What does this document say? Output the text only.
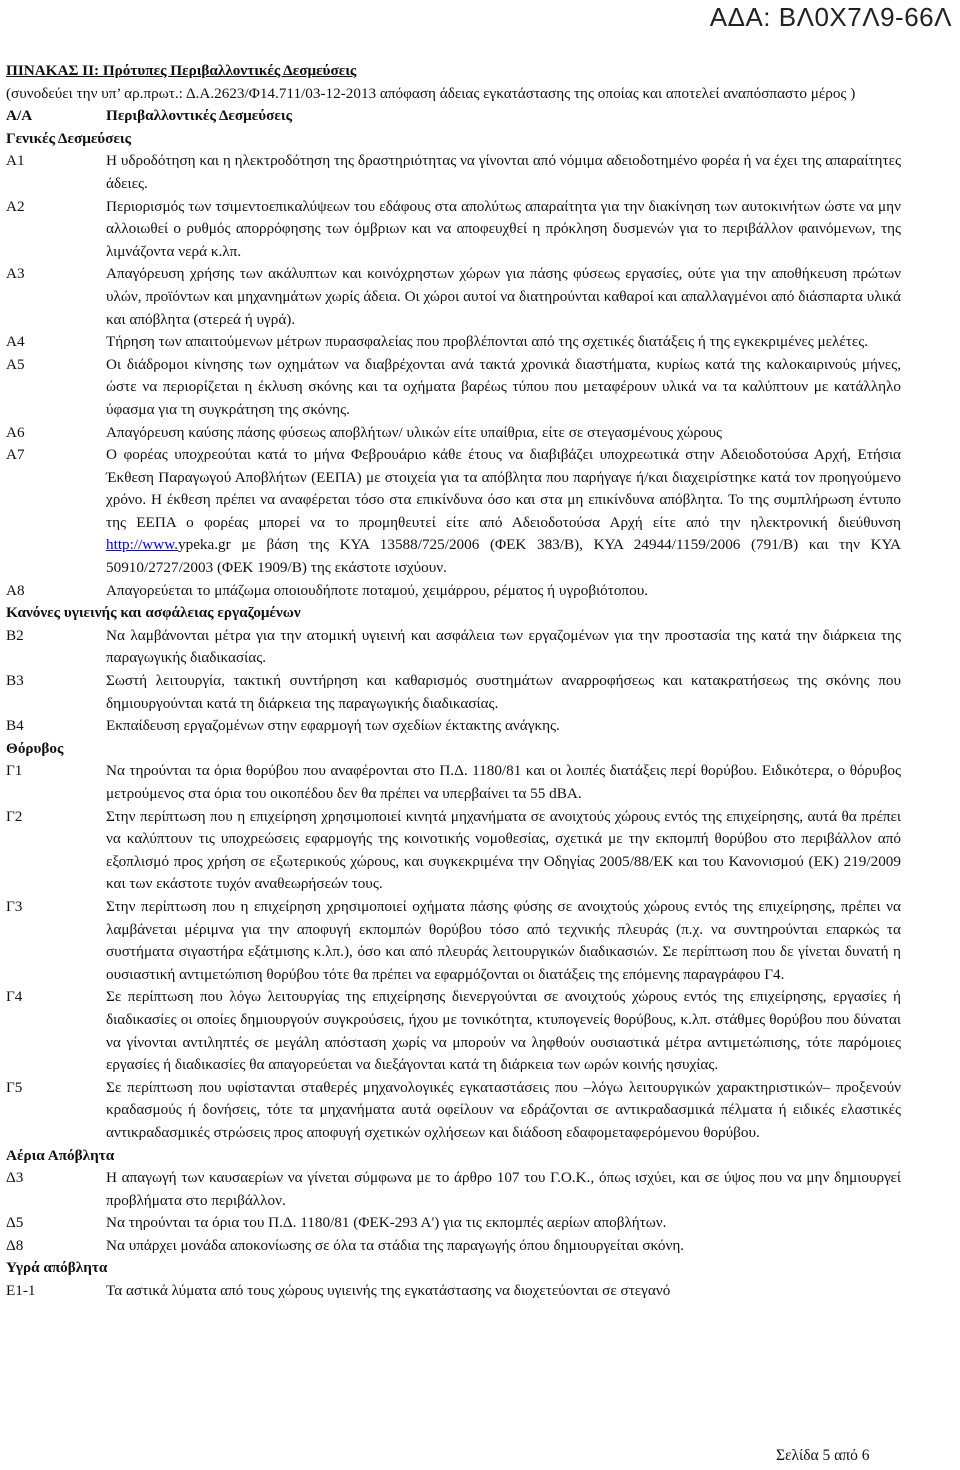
ΑΔΑ: ΒΛ0Χ7Λ9-66Λ
ΠΙΝΑΚΑΣ ΙΙ: Πρότυπες Περιβαλλοντικές Δεσμεύσεις
(συνοδεύει την υπ’ αρ.πρωτ.: Δ.Α.2623/Φ14.711/03-12-2013 απόφαση άδειας εγκατάστασης της οποίας και αποτελεί αναπόσπαστο μέρος )
Α/Α	Περιβαλλοντικές Δεσμεύσεις
Γενικές Δεσμεύσεις
Α1	Η υδροδότηση και η ηλεκτροδότηση της δραστηριότητας να γίνονται από νόμιμα αδειοδοτημένο φορέα ή να έχει της απαραίτητες άδειες.
Α2	Περιορισμός των τσιμεντοεπικαλύψεων του εδάφους στα απολύτως απαραίτητα για την διακίνηση των αυτοκινήτων ώστε να μην αλλοιωθεί ο ρυθμός απορρόφησης των όμβριων και να αποφευχθεί η πρόκληση δυσμενών για το περιβάλλον φαινόμενων, της λιμνάζοντα νερά κ.λπ.
Α3	Απαγόρευση χρήσης των ακάλυπτων και κοινόχρηστων χώρων για πάσης φύσεως εργασίες, ούτε για την αποθήκευση πρώτων υλών, προϊόντων και μηχανημάτων χωρίς άδεια. Οι χώροι αυτοί να διατηρούνται καθαροί και απαλλαγμένοι από διάσπαρτα υλικά και απόβλητα (στερεά ή υγρά).
Α4	Τήρηση των απαιτούμενων μέτρων πυρασφαλείας που προβλέπονται από της σχετικές διατάξεις ή της εγκεκριμένες μελέτες.
Α5	Οι διάδρομοι κίνησης των οχημάτων να διαβρέχονται ανά τακτά χρονικά διαστήματα, κυρίως κατά της καλοκαιρινούς μήνες, ώστε να περιορίζεται η έκλυση σκόνης και τα οχήματα βαρέως τύπου που μεταφέρουν υλικά να τα καλύπτουν με κατάλληλο ύφασμα για τη συγκράτηση της σκόνης.
Α6	Απαγόρευση καύσης πάσης φύσεως αποβλήτων/ υλικών είτε υπαίθρια, είτε σε στεγασμένους χώρους
Α7	Ο φορέας υποχρεούται κατά το μήνα Φεβρουάριο κάθε έτους να διαβιβάζει υποχρεωτικά στην Αδειοδοτούσα Αρχή, Ετήσια Έκθεση Παραγωγού Αποβλήτων (ΕΕΠΑ) με στοιχεία για τα απόβλητα που παρήγαγε ή/και διαχειρίστηκε κατά τον προηγούμενο χρόνο. Η έκθεση πρέπει να αναφέρεται τόσο στα επικίνδυνα όσο και στα μη επικίνδυνα απόβλητα. Το της συμπλήρωση έντυπο της ΕΕΠΑ ο φορέας μπορεί να το προμηθευτεί είτε από Αδειοδοτούσα Αρχή είτε από την ηλεκτρονική διεύθυνση http://www.ypeka.gr με βάση της ΚΥΑ 13588/725/2006 (ΦΕΚ 383/Β), ΚΥΑ 24944/1159/2006 (791/Β) και την ΚΥΑ 50910/2727/2003 (ΦΕΚ 1909/Β) της εκάστοτε ισχύουν.
Α8	Απαγορεύεται το μπάζωμα οποιουδήποτε ποταμού, χειμάρρου, ρέματος ή υγροβιότοπου.
Κανόνες υγιεινής και ασφάλειας εργαζομένων
Β2	Να λαμβάνονται μέτρα για την ατομική υγιεινή και ασφάλεια των εργαζομένων για την προστασία της κατά την διάρκεια της παραγωγικής διαδικασίας.
Β3	Σωστή λειτουργία, τακτική συντήρηση και καθαρισμός συστημάτων αναρροφήσεως και κατακρατήσεως της σκόνης που δημιουργούνται κατά τη διάρκεια της παραγωγικής διαδικασίας.
Β4	Εκπαίδευση εργαζομένων στην εφαρμογή των σχεδίων έκτακτης ανάγκης.
Θόρυβος
Γ1	Να τηρούνται τα όρια θορύβου που αναφέρονται στο Π.Δ. 1180/81 και οι λοιπές διατάξεις περί θορύβου. Ειδικότερα, ο θόρυβος μετρούμενος στα όρια του οικοπέδου δεν θα πρέπει να υπερβαίνει τα 55 dBA.
Γ2	Στην περίπτωση που η επιχείρηση χρησιμοποιεί κινητά μηχανήματα σε ανοιχτούς χώρους εντός της επιχείρησης, αυτά θα πρέπει να καλύπτουν τις υποχρεώσεις εφαρμογής της κοινοτικής νομοθεσίας, σχετικά με την εκπομπή θορύβου στο περιβάλλον από εξοπλισμό προς χρήση σε εξωτερικούς χώρους, και συγκεκριμένα την Οδηγίας 2005/88/ΕΚ και του Κανονισμού (ΕΚ) 219/2009 και των εκάστοτε τυχόν αναθεωρήσεών τους.
Γ3	Στην περίπτωση που η επιχείρηση χρησιμοποιεί οχήματα πάσης φύσης σε ανοιχτούς χώρους εντός της επιχείρησης, πρέπει να λαμβάνεται μέριμνα για την αποφυγή εκπομπών θορύβου τόσο από τεχνικής πλευράς (π.χ. να συντηρούνται επαρκώς τα συστήματα σιγαστήρα εξάτμισης κ.λπ.), όσο και από πλευράς λειτουργικών διαδικασιών. Σε περίπτωση που δε γίνεται δυνατή η ουσιαστική αντιμετώπιση θορύβου τότε θα πρέπει να εφαρμόζονται οι διατάξεις της επόμενης παραγράφου Γ4.
Γ4	Σε περίπτωση που λόγω λειτουργίας της επιχείρησης διενεργούνται σε ανοιχτούς χώρους εντός της επιχείρησης, εργασίες ή διαδικασίες οι οποίες δημιουργούν συγκρούσεις, ήχου με τονικότητα, κτυπογενείς θορύβους, κ.λπ. στάθμες θορύβου που δύναται να γίνονται αντιληπτές σε μεγάλη απόσταση χωρίς να μπορούν να ληφθούν ουσιαστικά μέτρα αντιμετώπισης, τότε παρόμοιες εργασίες ή διαδικασίες θα απαγορεύεται να διεξάγονται κατά τη διάρκεια των ωρών κοινής ησυχίας.
Γ5	Σε περίπτωση που υφίστανται σταθερές μηχανολογικές εγκαταστάσεις που –λόγω λειτουργικών χαρακτηριστικών– προξενούν κραδασμούς ή δονήσεις, τότε τα μηχανήματα αυτά οφείλουν να εδράζονται σε αντικραδασμικά πέλματα ή ειδικές ελαστικές αντικραδασμικές στρώσεις προς αποφυγή σχετικών οχλήσεων και διάδοση εδαφομεταφερόμενου θορύβου.
Αέρια Απόβλητα
Δ3	Η απαγωγή των καυσαερίων να γίνεται σύμφωνα με το άρθρο 107 του Γ.Ο.Κ., όπως ισχύει, και σε ύψος που να μην δημιουργεί προβλήματα στο περιβάλλον.
Δ5	Να τηρούνται τα όρια του Π.Δ. 1180/81 (ΦΕΚ-293 Α') για τις εκπομπές αερίων αποβλήτων.
Δ8	Να υπάρχει μονάδα αποκονίωσης σε όλα τα στάδια της παραγωγής όπου δημιουργείται σκόνη.
Υγρά απόβλητα
Ε1-1	Τα αστικά λύματα από τους χώρους υγιεινής της εγκατάστασης να διοχετεύονται σε στεγανό
Σελίδα 5 από 6
